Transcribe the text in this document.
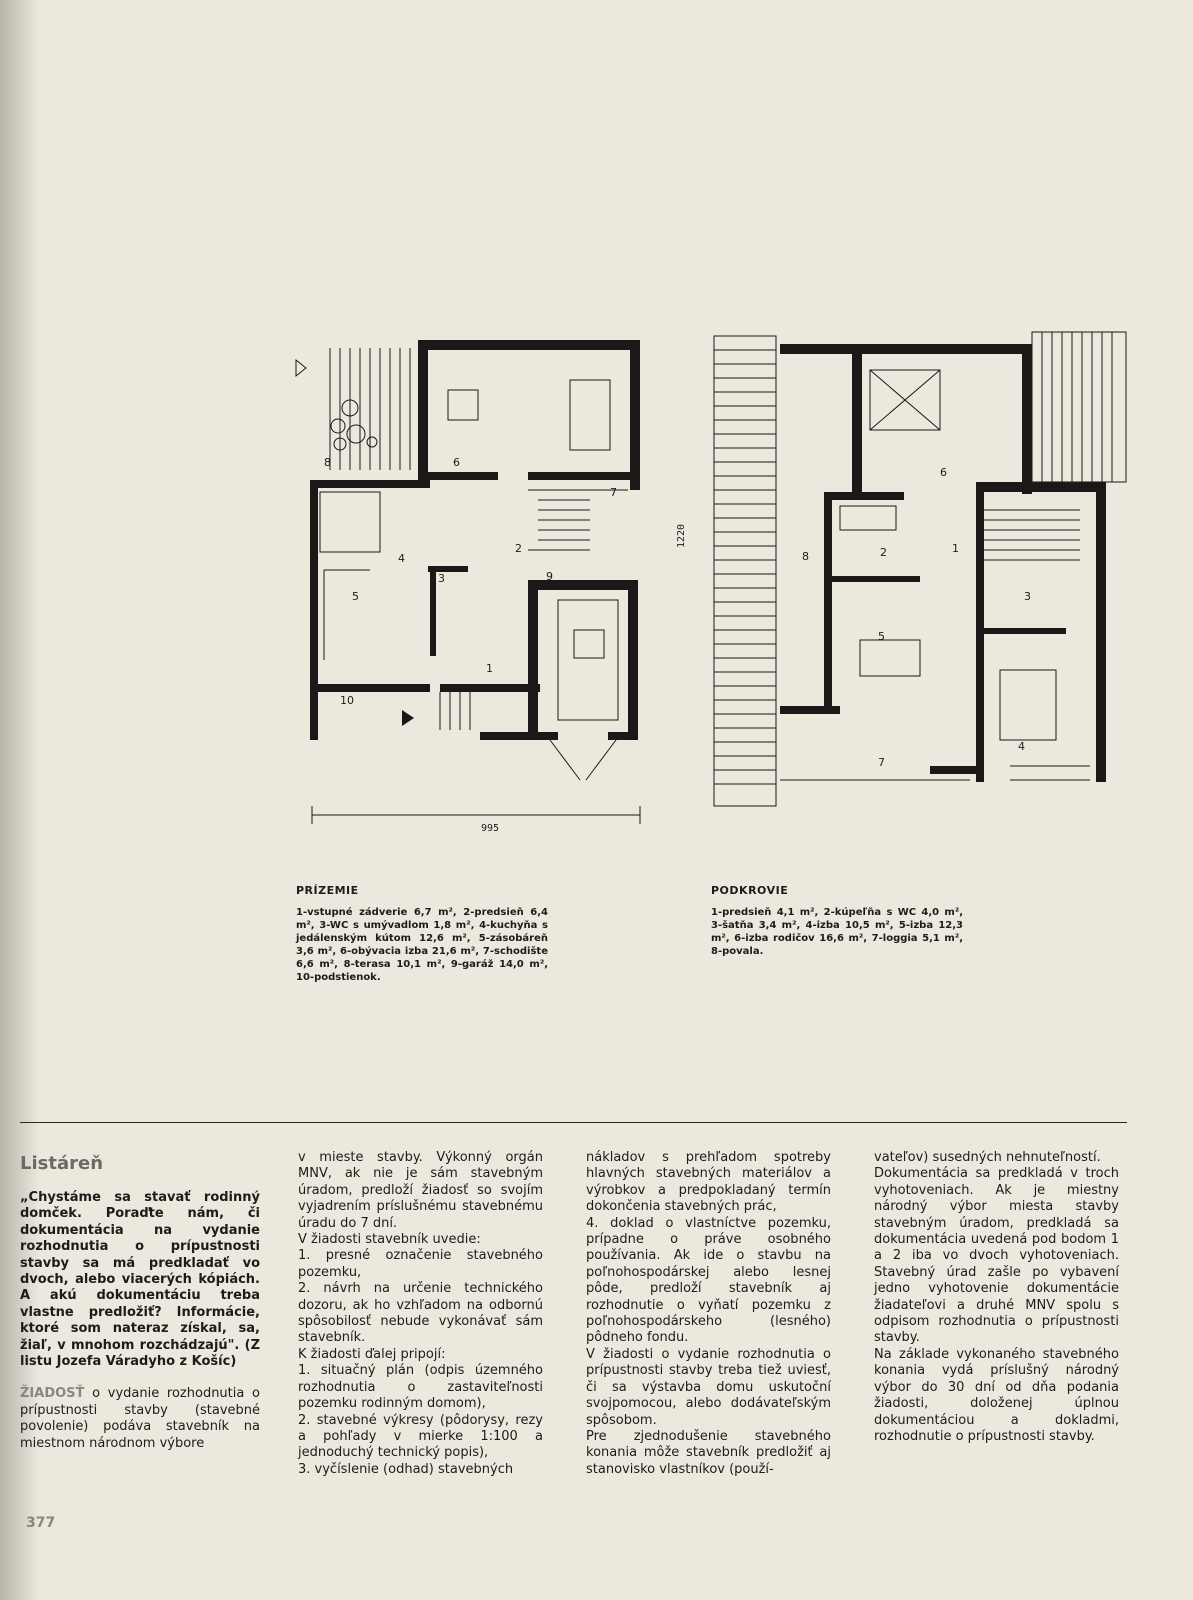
1
2
3
4
5
6
7
8
9
10
995
1
2
3
4
5
6
7
8
1220
PRÍZEMIE
1-vstupné zádverie 6,7 m², 2-predsieň 6,4 m², 3-WC s umývadlom 1,8 m², 4-kuchyňa s jedálenským kútom 12,6 m², 5-zásobáreň 3,6 m², 6-obývacia izba 21,6 m², 7-schodište 6,6 m², 8-terasa 10,1 m², 9-garáž 14,0 m², 10-podstienok.
PODKROVIE
1-predsieň 4,1 m², 2-kúpeľňa s WC 4,0 m², 3-šatňa 3,4 m², 4-izba 10,5 m², 5-izba 12,3 m², 6-izba rodičov 16,6 m², 7-loggia 5,1 m², 8-povala.
Listáreň

„Chystáme sa stavať rodinný domček. Poraďte nám, či dokumentácia na vydanie rozhodnutia o prípustnosti stavby sa má predkladať vo dvoch, alebo viacerých kópiách. A akú dokumentáciu treba vlastne predložiť? Informácie, ktoré som nateraz získal, sa, žiaľ, v mnohom rozchádzajú". (Z listu Jozefa Váradyho z Košíc)

ŽIADOSŤ o vydanie rozhodnutia o prípustnosti stavby (stavebné povolenie) podáva stavebník na miestnom národnom výbore

v mieste stavby. Výkonný orgán MNV, ak nie je sám stavebným úradom, predloží žiadosť so svojím vyjadrením príslušnému stavebnému úradu do 7 dní.

V žiadosti stavebník uvedie:

1. presné označenie stavebného pozemku,

2. návrh na určenie technického dozoru, ak ho vzhľadom na odbornú spôsobilosť nebude vykonávať sám stavebník.

K žiadosti ďalej pripojí:

1. situačný plán (odpis územného rozhodnutia o zastaviteľnosti pozemku rodinným domom),

2. stavebné výkresy (pôdorysy, rezy a pohľady v mierke 1:100 a jednoduchý technický popis),

3. vyčíslenie (odhad) stavebných

nákladov s prehľadom spotreby hlavných stavebných materiálov a výrobkov a predpokladaný termín dokončenia stavebných prác,

4. doklad o vlastníctve pozemku, prípadne o práve osobného používania. Ak ide o stavbu na poľnohospodárskej alebo lesnej pôde, predloží stavebník aj rozhodnutie o vyňatí pozemku z poľnohospodárskeho (lesného) pôdneho fondu.

V žiadosti o vydanie rozhodnutia o prípustnosti stavby treba tiež uviesť, či sa výstavba domu uskutoční svojpomocou, alebo dodávateľským spôsobom.

Pre zjednodušenie stavebného konania môže stavebník predložiť aj stanovisko vlastníkov (použí-

vateľov) susedných nehnuteľností.

Dokumentácia sa predkladá v troch vyhotoveniach. Ak je miestny národný výbor miesta stavby stavebným úradom, predkladá sa dokumentácia uvedená pod bodom 1 a 2 iba vo dvoch vyhotoveniach. Stavebný úrad zašle po vybavení jedno vyhotovenie dokumentácie žiadateľovi a druhé MNV spolu s odpisom rozhodnutia o prípustnosti stavby.

Na základe vykonaného stavebného konania vydá príslušný národný výbor do 30 dní od dňa podania žiadosti, doloženej úplnou dokumentáciou a dokladmi, rozhodnutie o prípustnosti stavby.

377
